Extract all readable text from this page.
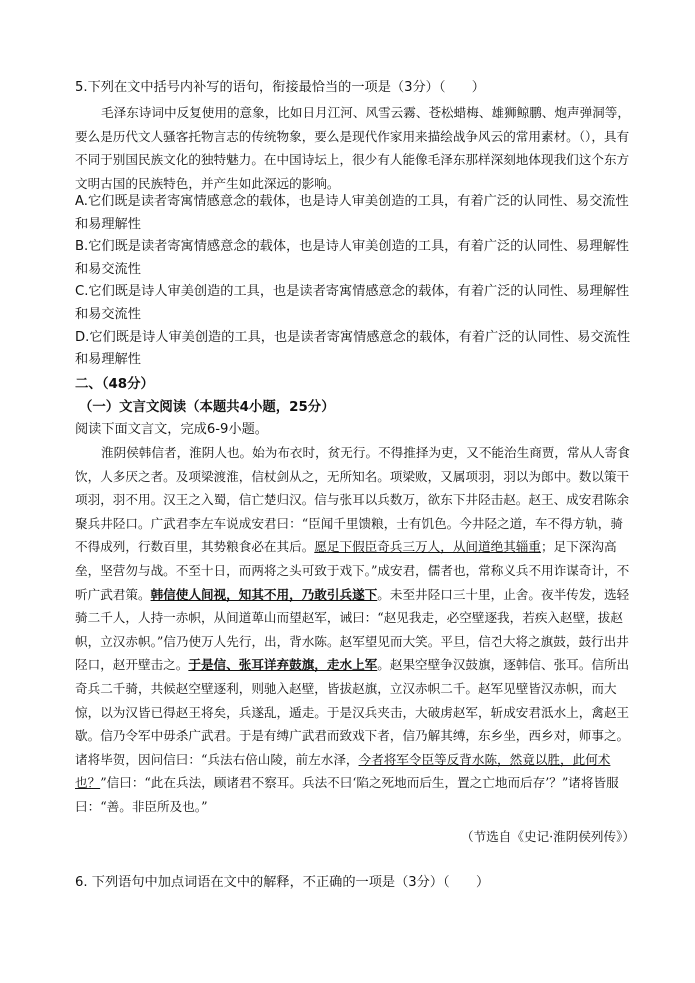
5.下列在文中括号内补写的语句，衔接最恰当的一项是（3分）（　　）

毛泽东诗词中反复使用的意象，比如日月江河、风雪云霧、苍松蜡梅、雄狮鲸鹏、炮声弹洞等，要么是历代文人骚客托物言志的传统物象，要么是现代作家用来描绘战争风云的常用素材。（），具有不同于别国民族文化的独特魅力。在中国诗坛上，很少有人能像毛泽东那样深刻地体现我们这个东方文明古国的民族特色，并产生如此深远的影响。

A.它们既是读者寄寓情感意念的载体，也是诗人审美创造的工具，有着广泛的认同性、易交流性和易理解性

B.它们既是读者寄寓情感意念的载体，也是诗人审美创造的工具，有着广泛的认同性、易理解性和易交流性

C.它们既是诗人审美创造的工具，也是读者寄寓情感意念的载体，有着广泛的认同性、易理解性和易交流性

D.它们既是诗人审美创造的工具，也是读者寄寓情感意念的载体，有着广泛的认同性、易交流性和易理解性

二、（48分）

（一）文言文阅读（本题共4小题，25分）

阅读下面文言文，完成6-9小题。

淮阴侯韩信者，淮阴人也。始为布衣时，贫无行。不得推择为吏，又不能治生商贾，常从人寄食饮，人多厌之者。及项梁渡淮，信杖剑从之，无所知名。项梁败，又属项羽，羽以为郎中。数以策干项羽，羽不用。汉王之入蜀，信亡楚归汉。信与张耳以兵数万，欲东下井陉击赵。赵王、成安君陈余聚兵井陉口。广武君李左车说成安君曰：“臣闻千里馈粮，士有饥色。今井陉之道，车不得方轨，骑不得成列，行数百里，其势粮食必在其后。愿足下假臣奇兵三万人，从间道绝其辎重；足下深沟高垒，坚营勿与战。不至十日，而两将之头可致于戏下。”成安君，儒者也，常称义兵不用诈谋奇计，不听广武君策。韩信使人间视，知其不用，乃敢引兵遂下。未至井陉口三十里，止舍。夜半传发，选轻骑二千人，人持一赤帜，从间道萆山而望赵军，诫曰：“赵见我走，必空壁逐我，若疾入赵壁，拔赵帜，立汉赤帜。”信乃使万人先行，出，背水陈。赵军望见而大笑。平旦，信건大将之旗鼓，鼓行出井陉口，赵开壁击之。于是信、张耳详弃鼓旗，走水上军。赵果空壁争汉鼓旗，逐韩信、张耳。信所出奇兵二千骑，共候赵空壁逐利，则驰入赵壁，皆拔赵旗，立汉赤帜二千。赵军见壁皆汉赤帜，而大惊，以为汉皆已得赵王将矣，兵遂乱，遁走。于是汉兵夹击，大破虏赵军，斩成安君泜水上，禽赵王歇。信乃令军中毋杀广武君。于是有缚广武君而致戏下者，信乃解其缚，东乡坐，西乡对，师事之。诸将毕贺，因问信曰：“兵法右倍山陵，前左水泽，今者将军令臣等反背水陈，然竟以胜，此何术也？”信曰：“此在兵法，顾诸君不察耳。兵法不曰‘陷之死地而后生，置之亡地而后存’？”诸将皆服曰：“善。非臣所及也。”

（节选自《史记·淮阴侯列传》）

6. 下列语句中加点词语在文中的解释，不正确的一项是（3分）（　　）
